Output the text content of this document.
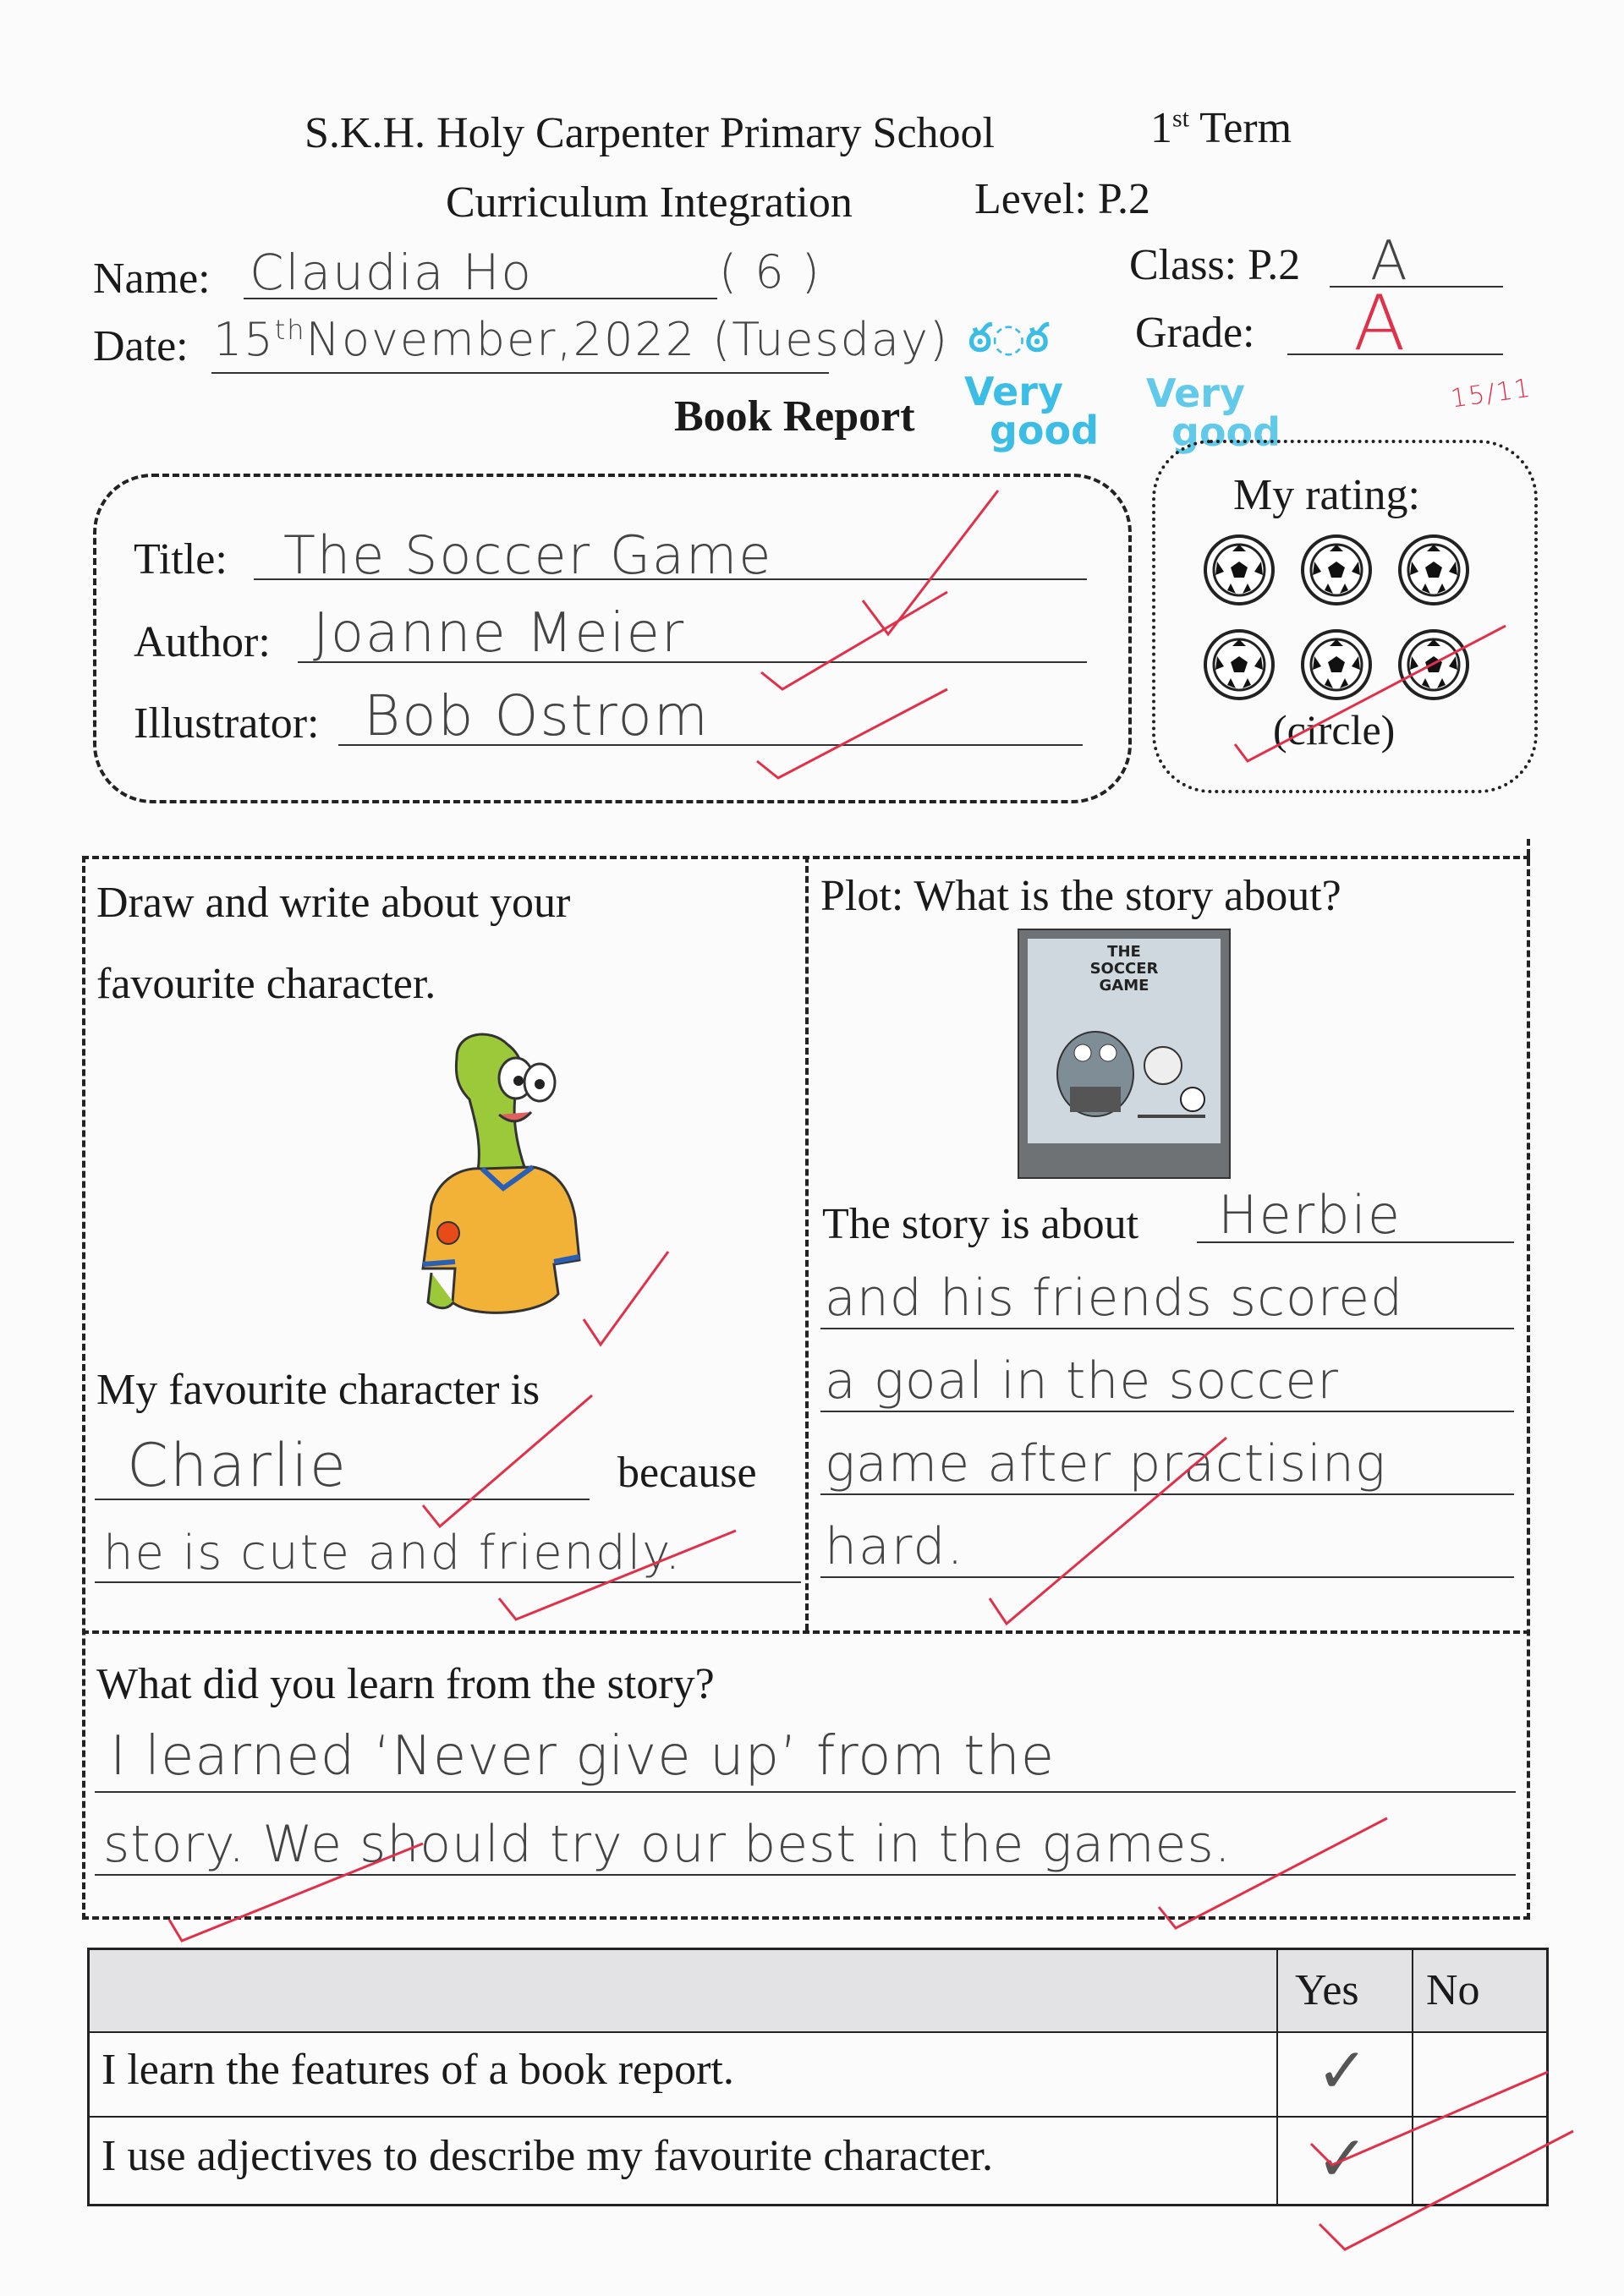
S.K.H. Holy Carpenter Primary School	1st Term
Curriculum Integration	Level: P.2
Name: Claudia Ho	( 6 )	Class: P.2 A
Date: 15thNovember,2022 (Tuesday)	Grade: A
15/11
ఠ◌ఠ
Very
good
Very
good
Book Report
Title: The Soccer Game
Author: Joanne Meier
Illustrator: Bob Ostrom
My rating:
(circle)
Draw and write about your
favourite character.
My favourite character is
Charlie	because
he is cute and friendly.
Plot: What is the story about?
THE
SOCCER
GAME
The story is about Herbie
and his friends scored
a goal in the soccer
game after practising
hard.
What did you learn from the story?
I learned ‘Never give up’ from the
story. We should try our best in the games.
Yes No
I learn the features of a book report.	✓
I use adjectives to describe my favourite character.	✓
